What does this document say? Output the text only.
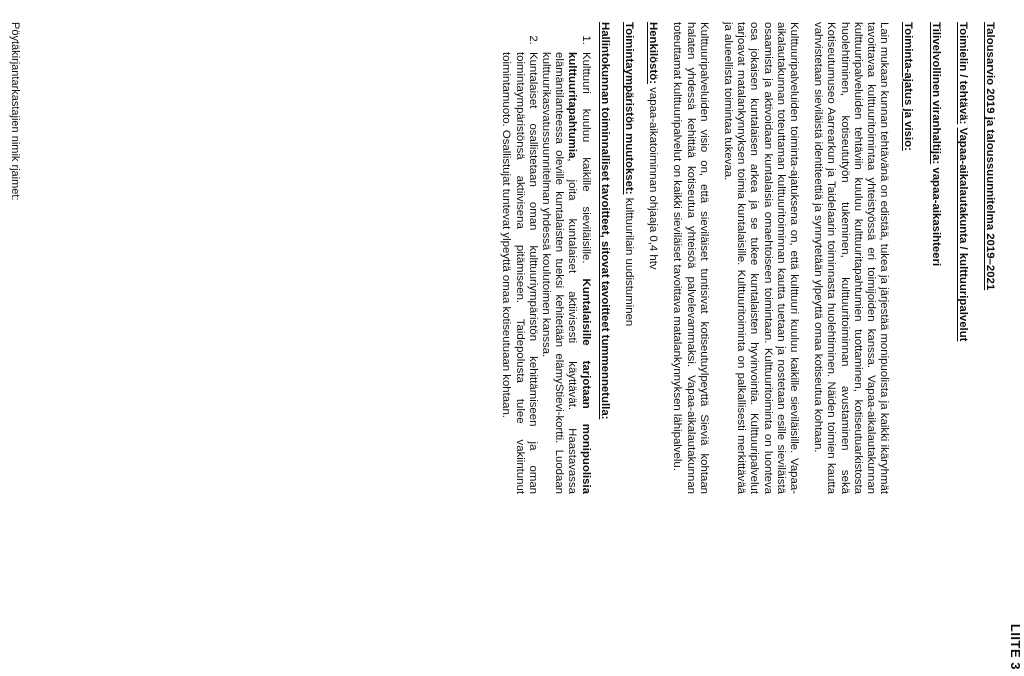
LIITE 3
Talousarvio 2019 ja taloussuunnitelma 2019–2021
Toimielin / tehtävä: Vapaa-aikalautakunta / kulttuuripalvelut
Tilivelvollinen viranhaltija: vapaa-aikasihteeri
Toiminta-ajatus ja visio:

Lain mukaan kunnan tehtävänä on edistää, tukea ja järjestää monipuolista ja kaikki ikäryhmät tavoittavaa kulttuuritoimintaa yhteistyössä eri toimijoiden kanssa. Vapaa-aikalautakunnan kulttuuripalveluiden tehtäviin kuuluu kulttuuritapahtumien tuottaminen, kotiseutuarkistosta huolehtiminen, kotiseututyön tukeminen, kulttuuritoiminnan avustaminen sekä Kotiseutumuseo Aarrearkun ja Taidelaarin toiminnasta huolehtiminen. Näiden toimien kautta vahvistetaan sieviläistä identiteettiä ja synnytetään ylpeyttä omaa kotiseutua kohtaan.

Kulttuuripalveluiden toiminta-ajatuksena on, että kulttuuri kuuluu kaikille sieviläisille. Vapaa-aikalautakunnan toteuttaman kulttuuritoiminnan kautta tuetaan ja nostetaan esille sieviläistä osaamista ja aktivoidaan kuntalaisia omaehtoiseen toimintaan. Kulttuuritoiminta on luonteva osa jokaisen kuntalaisen arkea ja se tukee kuntalaisten hyvinvointia. Kulttuuripalvelut tarjoavat matalankynnyksen toimia kuntalaisille. Kulttuuritoiminta on palkallisesti merkittävää ja alueellista toimintaa tukevaa.

Kulttuuripalveluiden visio on, että sieviläiset tuntisivat kotiseutuylpeyttä Sieviä kohtaan halaten yhdessä kehittää kotiseutua yhteisöä palvelevammaksi. Vapaa-aikalautakunnan toteuttamat kulttuuripalvelut on kaikki sieviläiset tavoittava matalankynnyksen lähipalvelu.

Henkilöstö: vapaa-aikatoiminnan ohjaaja 0,4 htv
Toimintaympäristön muutokset: kulttuurilain uudistuminen
Hallintokunnan toiminnalliset tavoitteet, sitovat tavoitteet tummennetulla:
1. Kulttuuri kuuluu kaikille sieviläisille. Kuntalaisille tarjotaan monipuolisia kulttuuritapahtumia, joita kuntalaiset aktiivisesti käyttävät. Haastavassa elämäntilanteessa oleville kuntalaisten tueksi kehitetään elämyStievi-kortti. Luodaan kulttuurikasvatussuunnitelman yhdessä koulutoimen kanssa.
2. Kuntalaiset osallistetaan oman kulttuuriympäristön kehittämiseen ja oman toimintaympäristönsä aktiivisena pitämiseen. Taidepolusta tulee vakiintunut toimintamuoto. Osallistujat tuntevat ylpeyttä omaa kotiseutuaan kohtaan.
Pöytäkirjantarkastajien nimik rjaimet:
